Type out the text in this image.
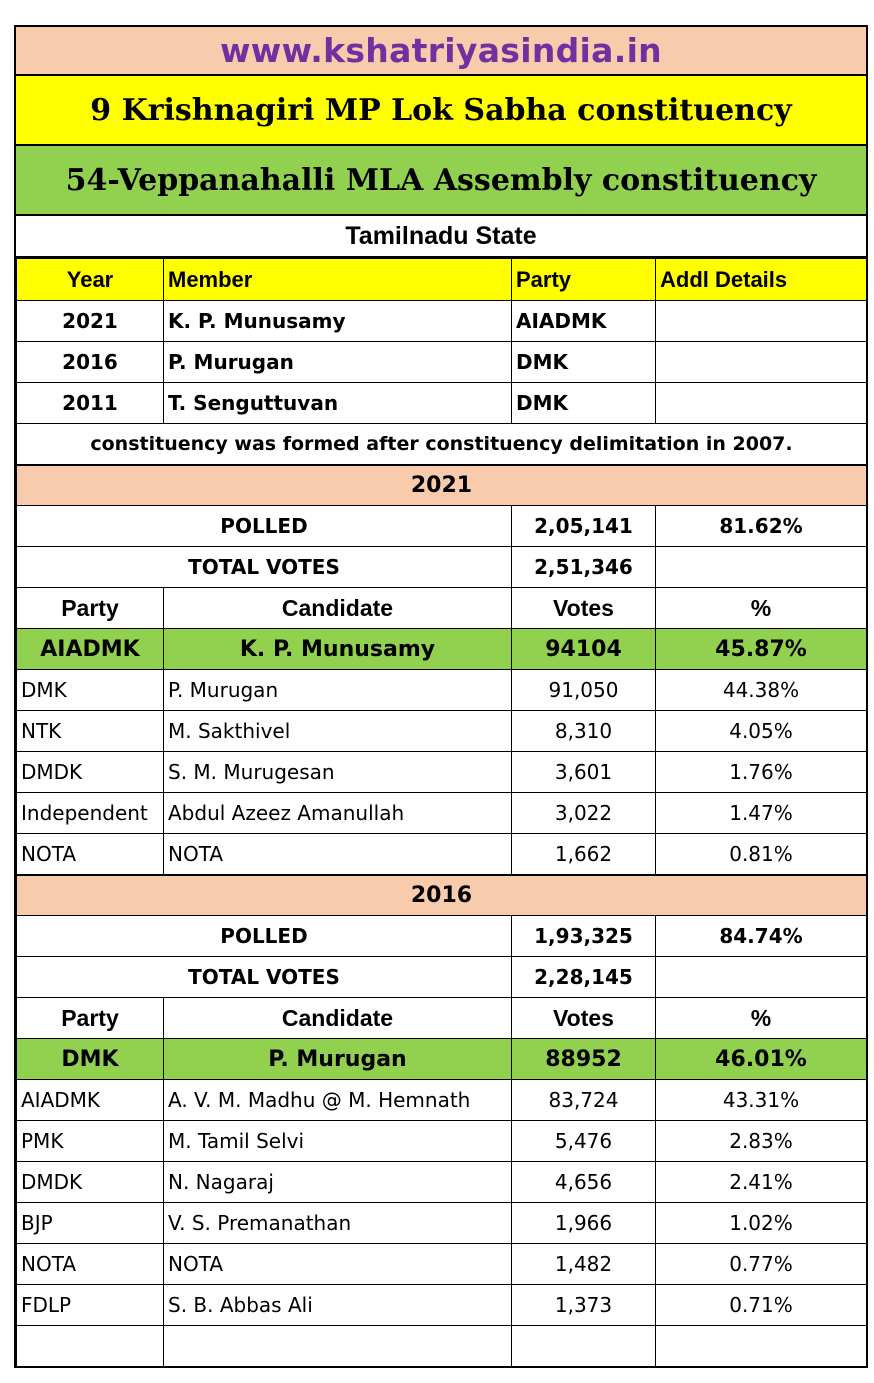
www.kshatriyasindia.in
9 Krishnagiri MP Lok Sabha constituency
54-Veppanahalli MLA Assembly constituency
Tamilnadu State
Year	Member	Party	Addl Details
2021	K. P. Munusamy	AIADMK	
2016	P. Murugan	DMK	
2011	T. Senguttuvan	DMK	
constituency was formed after constituency delimitation in 2007.			
2021			
POLLED		2,05,141	81.62%
TOTAL VOTES		2,51,346	
Party	Candidate	Votes	%
AIADMK	K. P. Munusamy	94104	45.87%
DMK	P. Murugan	91,050	44.38%
NTK	M. Sakthivel	8,310	4.05%
DMDK	S. M. Murugesan	3,601	1.76%
Independent	Abdul Azeez Amanullah	3,022	1.47%
NOTA	NOTA	1,662	0.81%
2016			
POLLED		1,93,325	84.74%
TOTAL VOTES		2,28,145	
Party	Candidate	Votes	%
DMK	P. Murugan	88952	46.01%
AIADMK	A. V. M. Madhu @ M. Hemnath	83,724	43.31%
PMK	M. Tamil Selvi	5,476	2.83%
DMDK	N. Nagaraj	4,656	2.41%
BJP	V. S. Premanathan	1,966	1.02%
NOTA	NOTA	1,482	0.77%
FDLP	S. B. Abbas Ali	1,373	0.71%
